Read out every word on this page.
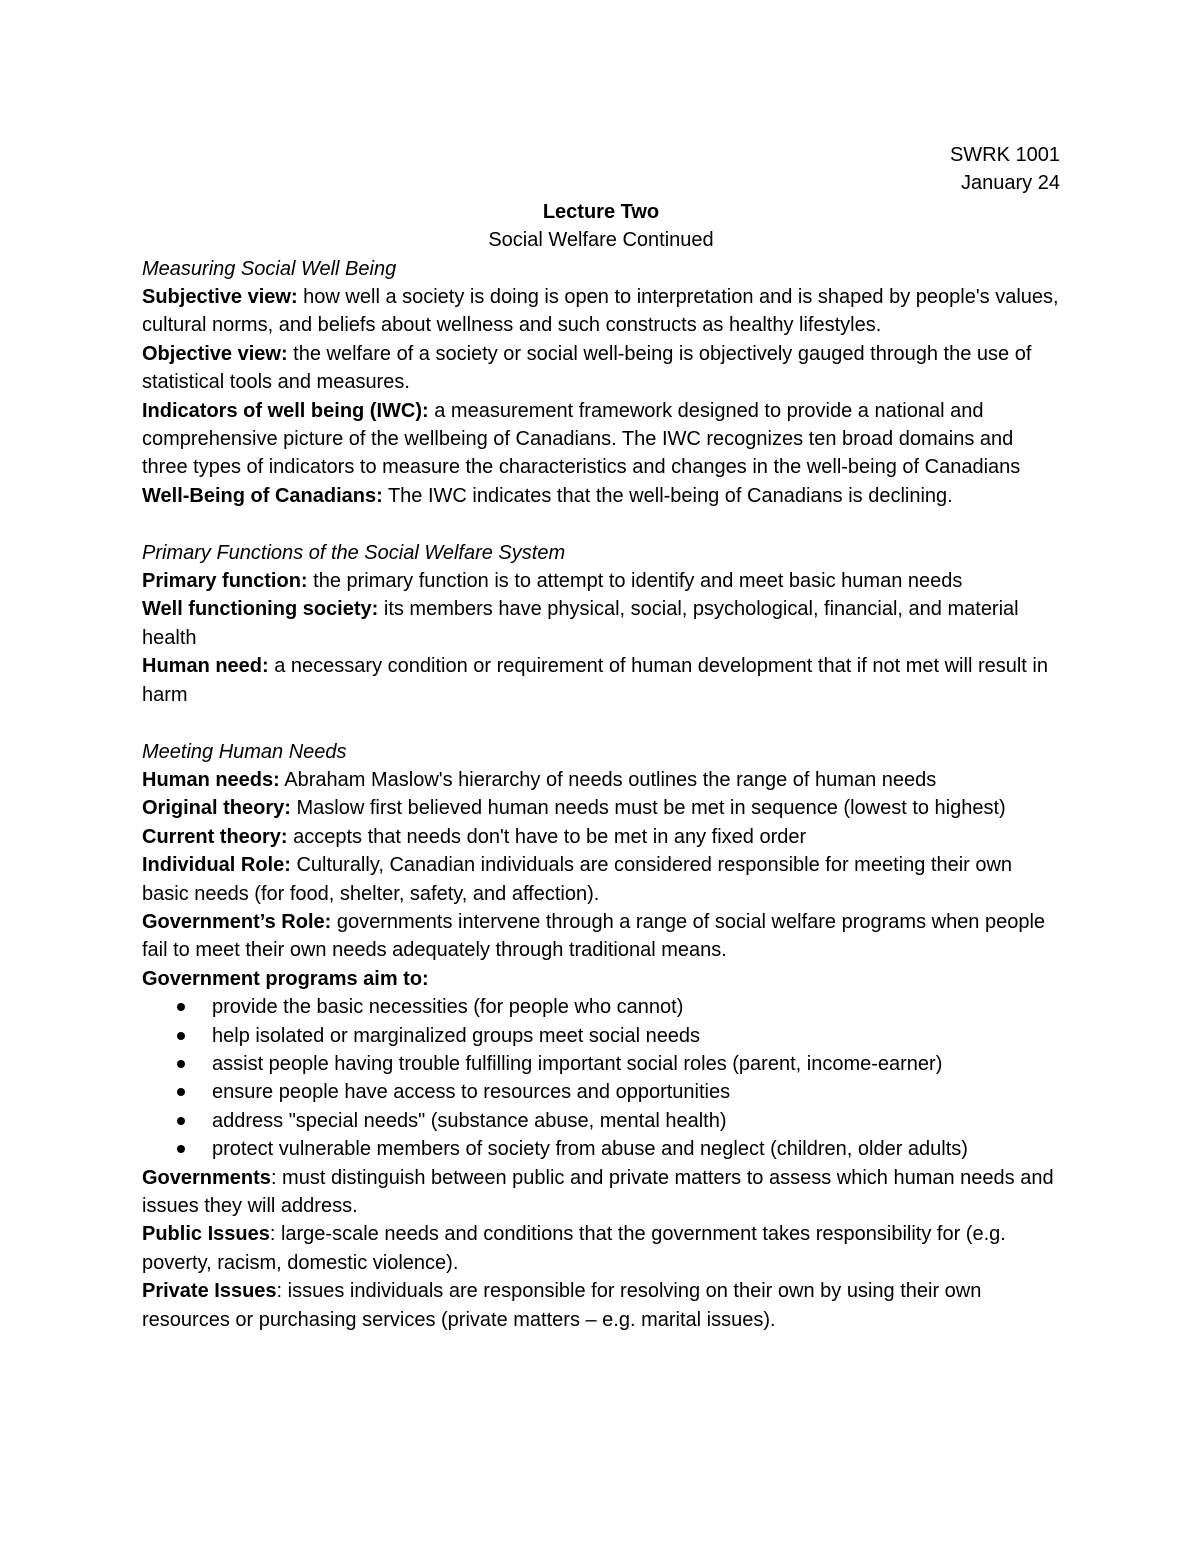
SWRK 1001

January 24

Lecture Two

Social Welfare Continued

Measuring Social Well Being

Subjective view: how well a society is doing is open to interpretation and is shaped by people's values, cultural norms, and beliefs about wellness and such constructs as healthy lifestyles.

Objective view: the welfare of a society or social well-being is objectively gauged through the use of statistical tools and measures.

Indicators of well being (IWC): a measurement framework designed to provide a national and comprehensive picture of the wellbeing of Canadians. The IWC recognizes ten broad domains and three types of indicators to measure the characteristics and changes in the well-being of Canadians

Well-Being of Canadians: The IWC indicates that the well-being of Canadians is declining.

Primary Functions of the Social Welfare System

Primary function: the primary function is to attempt to identify and meet basic human needs

Well functioning society: its members have physical, social, psychological, financial, and material health

Human need: a necessary condition or requirement of human development that if not met will result in harm

Meeting Human Needs

Human needs: Abraham Maslow's hierarchy of needs outlines the range of human needs

Original theory: Maslow first believed human needs must be met in sequence (lowest to highest)

Current theory: accepts that needs don't have to be met in any fixed order

Individual Role: Culturally, Canadian individuals are considered responsible for meeting their own basic needs (for food, shelter, safety, and affection).

Government’s Role: governments intervene through a range of social welfare programs when people fail to meet their own needs adequately through traditional means.

Government programs aim to:

provide the basic necessities (for people who cannot)
help isolated or marginalized groups meet social needs
assist people having trouble fulfilling important social roles (parent, income-earner)
ensure people have access to resources and opportunities
address "special needs" (substance abuse, mental health)
protect vulnerable members of society from abuse and neglect (children, older adults)

Governments: must distinguish between public and private matters to assess which human needs and issues they will address.

Public Issues: large-scale needs and conditions that the government takes responsibility for (e.g. poverty, racism, domestic violence).

Private Issues: issues individuals are responsible for resolving on their own by using their own resources or purchasing services (private matters – e.g. marital issues).
